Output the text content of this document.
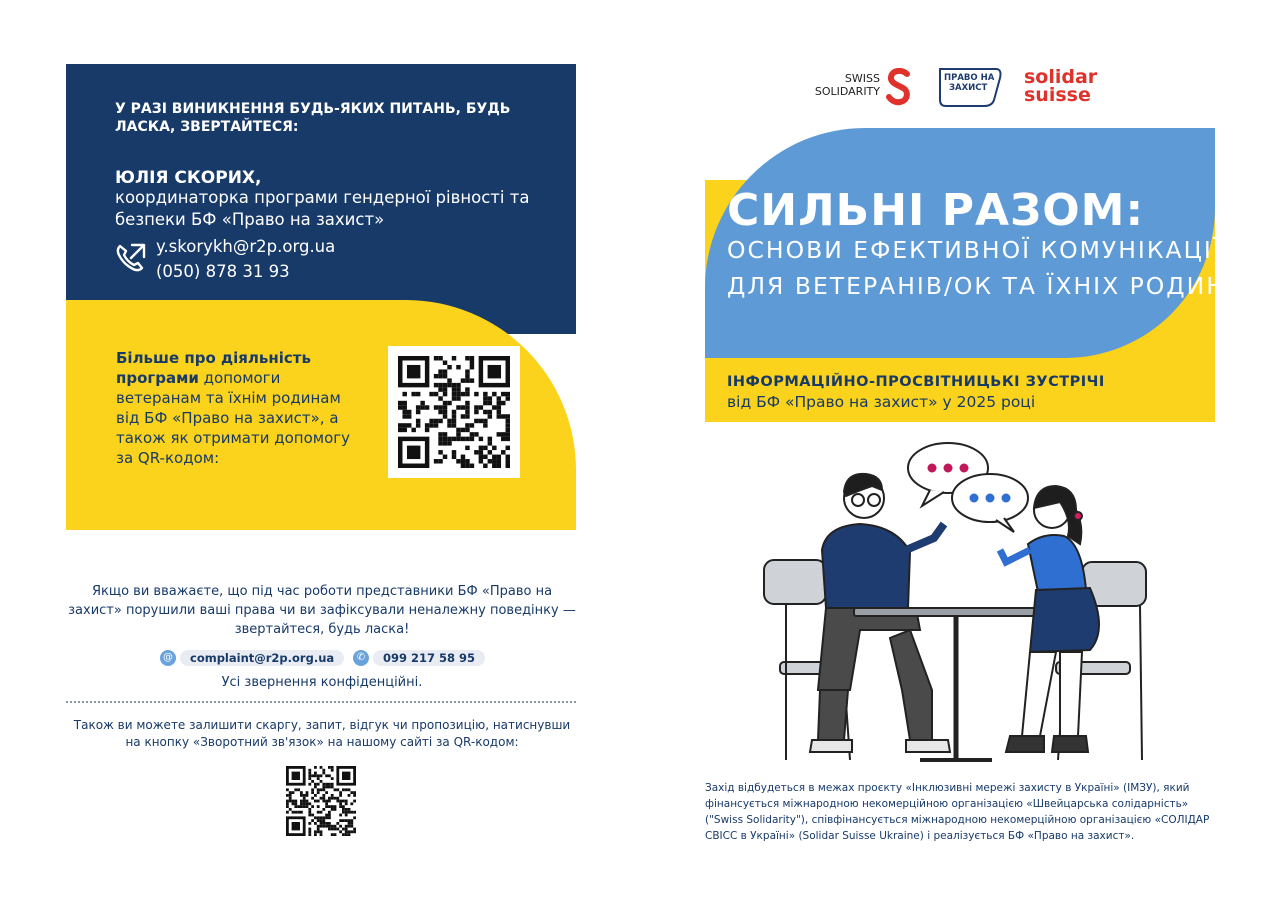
У РАЗІ ВИНИКНЕННЯ БУДЬ-ЯКИХ ПИТАНЬ, БУДЬ ЛАСКА, ЗВЕРТАЙТЕСЯ:
ЮЛІЯ СКОРИХ,
координаторка програми гендерної рівності та безпеки БФ «Право на захист»
y.skorykh@r2p.org.ua
(050) 878 31 93
Більше про діяльність програми допомоги ветеранам та їхнім родинам від БФ «Право на захист», а також як отримати допомогу за QR-кодом:
Якщо ви вважаєте, що під час роботи представники БФ «Право на захист» порушили ваші права чи ви зафіксували неналежну поведінку — звертайтеся, будь ласка!
@	complaint@r2p.org.ua	✆	099 217 58 95
Усі звернення конфіденційні.
Також ви можете залишити скаргу, запит, відгук чи пропозицію, натиснувши на кнопку «Зворотний зв'язок» на нашому сайті за QR-кодом:
SWISS
SOLIDARITY
ПРАВО НА
ЗАХИСТ solidar
suisse
СИЛЬНІ РАЗОМ:
ОСНОВИ ЕФЕКТИВНОЇ КОМУНІКАЦІЇ
ДЛЯ ВЕТЕРАНІВ/ОК ТА ЇХНІХ РОДИН
ІНФОРМАЦІЙНО-ПРОСВІТНИЦЬКІ ЗУСТРІЧІ
від БФ «Право на захист» у 2025 році
Захід відбудеться в межах проєкту «Інклюзивні мережі захисту в Україні» (ІМЗУ), який фінансується міжнародною некомерційною організацією «Швейцарська солідарність» ("Swiss Solidarity"), співфінансується міжнародною некомерційною організацією «СОЛІДАР СВІСС в Україні» (Solidar Suisse Ukraine) і реалізується БФ «Право на захист».
